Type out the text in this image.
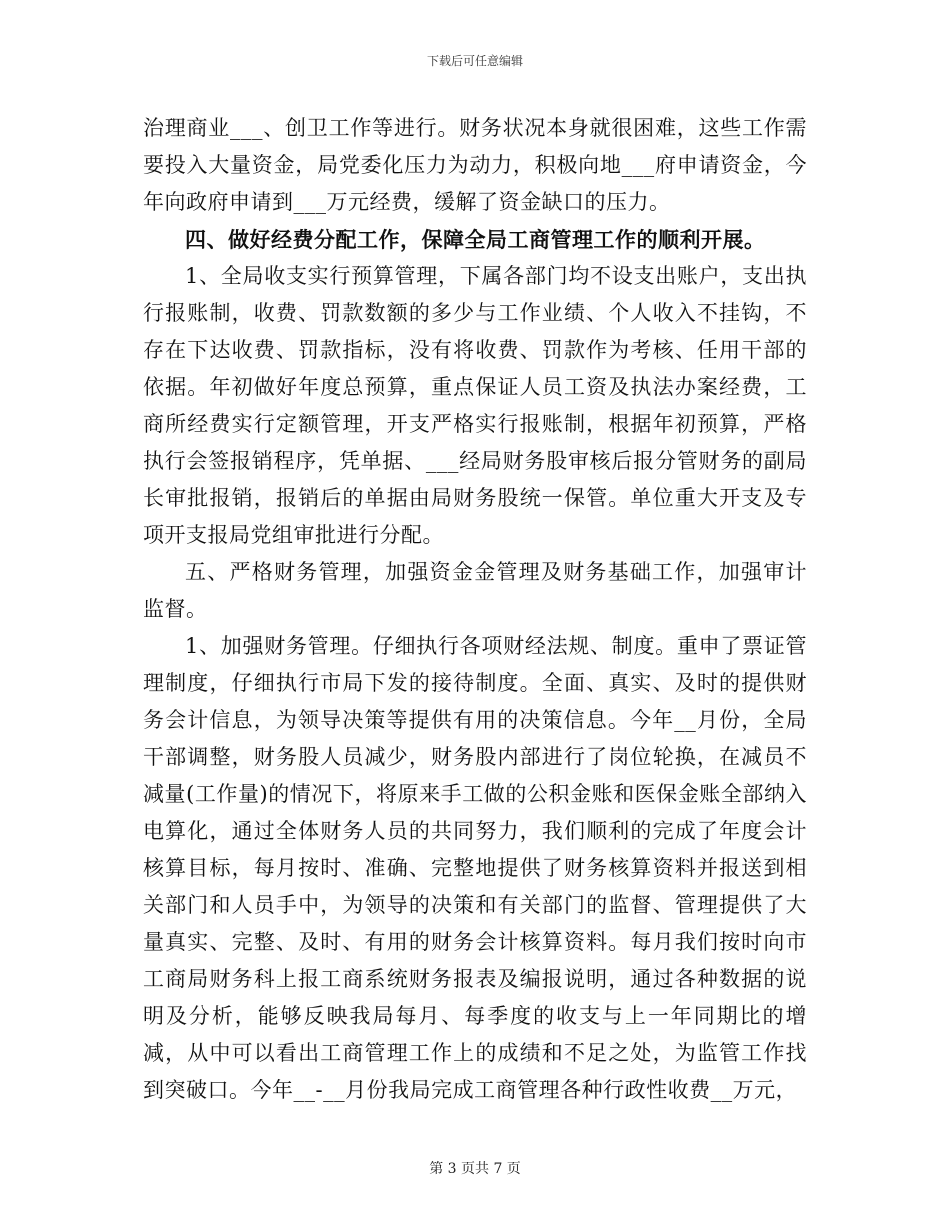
下载后可任意编辑

治理商业___、创卫工作等进行。财务状况本身就很困难，这些工作需要投入大量资金，局党委化压力为动力，积极向地___府申请资金，今年向政府申请到___万元经费，缓解了资金缺口的压力。

四、做好经费分配工作，保障全局工商管理工作的顺利开展。

1、全局收支实行预算管理，下属各部门均不设支出账户，支出执行报账制，收费、罚款数额的多少与工作业绩、个人收入不挂钩，不存在下达收费、罚款指标，没有将收费、罚款作为考核、任用干部的依据。年初做好年度总预算，重点保证人员工资及执法办案经费，工商所经费实行定额管理，开支严格实行报账制，根据年初预算，严格执行会签报销程序，凭单据、___经局财务股审核后报分管财务的副局长审批报销，报销后的单据由局财务股统一保管。单位重大开支及专项开支报局党组审批进行分配。

五、严格财务管理，加强资金金管理及财务基础工作，加强审计监督。

1、加强财务管理。仔细执行各项财经法规、制度。重申了票证管理制度，仔细执行市局下发的接待制度。全面、真实、及时的提供财务会计信息，为领导决策等提供有用的决策信息。今年__月份，全局干部调整，财务股人员减少，财务股内部进行了岗位轮换，在减员不减量(工作量)的情况下，将原来手工做的公积金账和医保金账全部纳入电算化，通过全体财务人员的共同努力，我们顺利的完成了年度会计核算目标，每月按时、准确、完整地提供了财务核算资料并报送到相关部门和人员手中，为领导的决策和有关部门的监督、管理提供了大量真实、完整、及时、有用的财务会计核算资料。每月我们按时向市工商局财务科上报工商系统财务报表及编报说明，通过各种数据的说明及分析，能够反映我局每月、每季度的收支与上一年同期比的增减，从中可以看出工商管理工作上的成绩和不足之处，为监管工作找到突破口。今年__-__月份我局完成工商管理各种行政性收费__万元，

第 3 页共 7 页
